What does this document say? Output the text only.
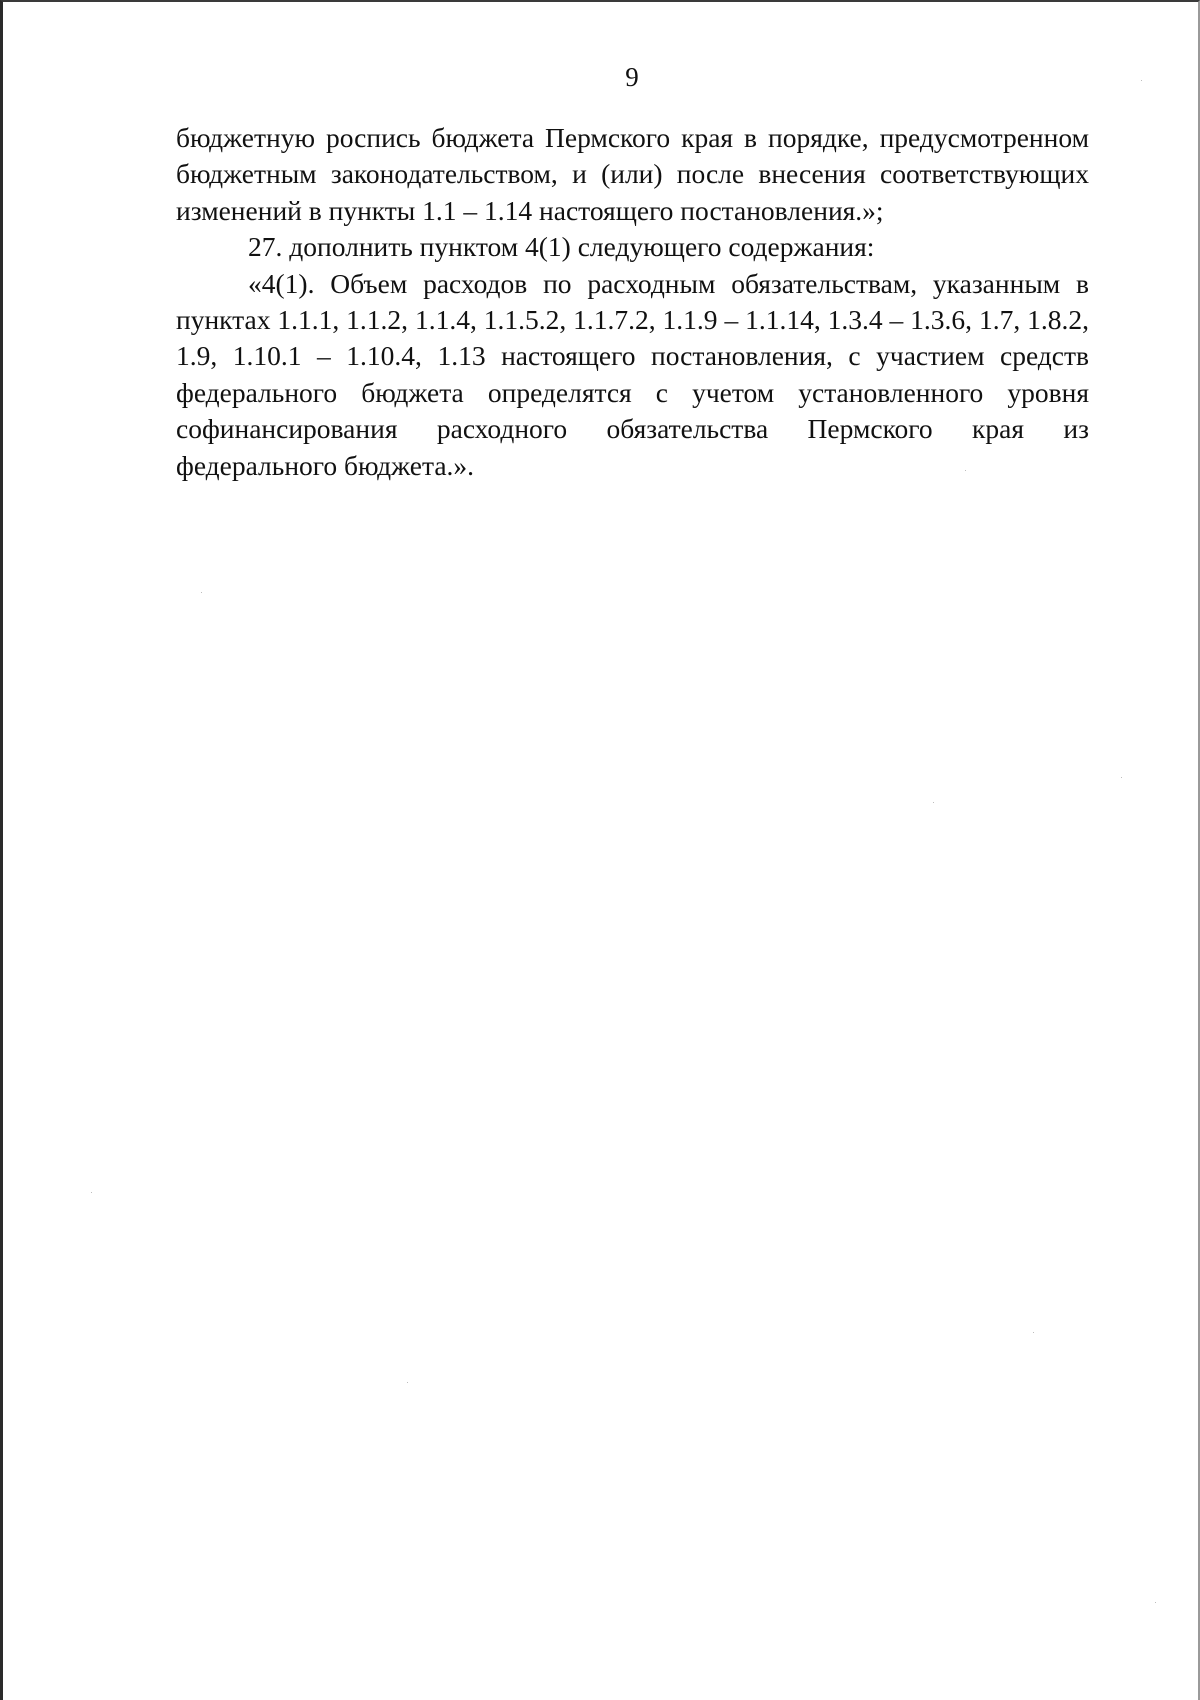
9

бюджетную роспись бюджета Пермского края в порядке, предусмотренном бюджетным законодательством, и (или) после внесения соответствующих изменений в пункты 1.1 – 1.14 настоящего постановления.»;

27. дополнить пунктом 4(1) следующего содержания:

«4(1). Объем расходов по расходным обязательствам, указанным в пунктах 1.1.1, 1.1.2, 1.1.4, 1.1.5.2, 1.1.7.2, 1.1.9 – 1.1.14, 1.3.4 – 1.3.6, 1.7, 1.8.2, 1.9, 1.10.1 – 1.10.4, 1.13 настоящего постановления, с участием средств федерального бюджета определятся с учетом установленного уровня софинансирования расходного обязательства Пермского края из федерального бюджета.».
